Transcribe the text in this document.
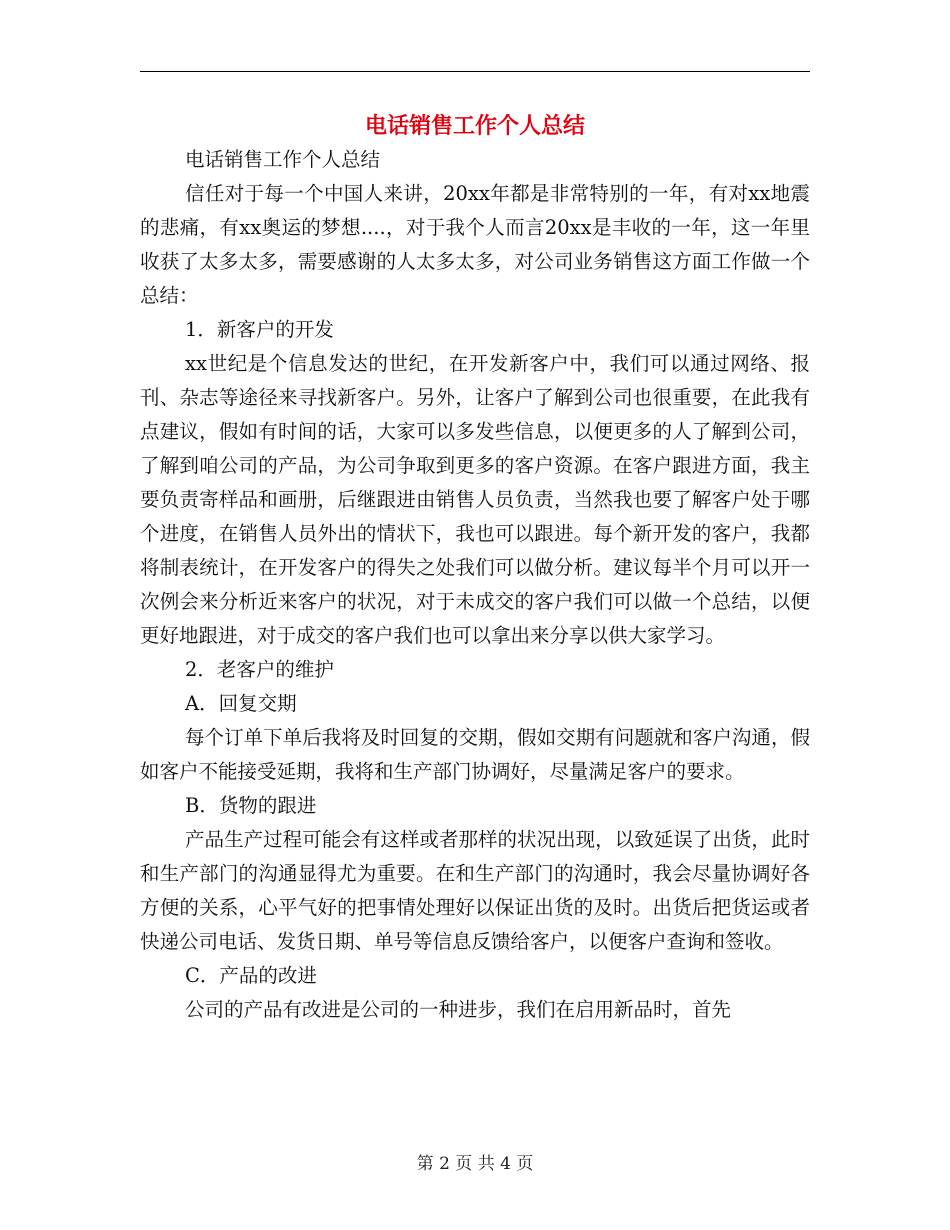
电话销售工作个人总结

电话销售工作个人总结

信任对于每一个中国人来讲，20xx年都是非常特别的一年，有对xx地震的悲痛，有xx奥运的梦想....，对于我个人而言20xx是丰收的一年，这一年里收获了太多太多，需要感谢的人太多太多，对公司业务销售这方面工作做一个总结：

1．新客户的开发

xx世纪是个信息发达的世纪，在开发新客户中，我们可以通过网络、报刊、杂志等途径来寻找新客户。另外，让客户了解到公司也很重要，在此我有点建议，假如有时间的话，大家可以多发些信息，以便更多的人了解到公司，了解到咱公司的产品，为公司争取到更多的客户资源。在客户跟进方面，我主要负责寄样品和画册，后继跟进由销售人员负责，当然我也要了解客户处于哪个进度，在销售人员外出的情状下，我也可以跟进。每个新开发的客户，我都将制表统计，在开发客户的得失之处我们可以做分析。建议每半个月可以开一次例会来分析近来客户的状况，对于未成交的客户我们可以做一个总结，以便更好地跟进，对于成交的客户我们也可以拿出来分享以供大家学习。

2．老客户的维护

A．回复交期

每个订单下单后我将及时回复的交期，假如交期有问题就和客户沟通，假如客户不能接受延期，我将和生产部门协调好，尽量满足客户的要求。

B．货物的跟进

产品生产过程可能会有这样或者那样的状况出现，以致延误了出货，此时和生产部门的沟通显得尤为重要。在和生产部门的沟通时，我会尽量协调好各方便的关系，心平气好的把事情处理好以保证出货的及时。出货后把货运或者快递公司电话、发货日期、单号等信息反馈给客户，以便客户查询和签收。

C．产品的改进

公司的产品有改进是公司的一种进步，我们在启用新品时，首先

第 2 页 共 4 页
